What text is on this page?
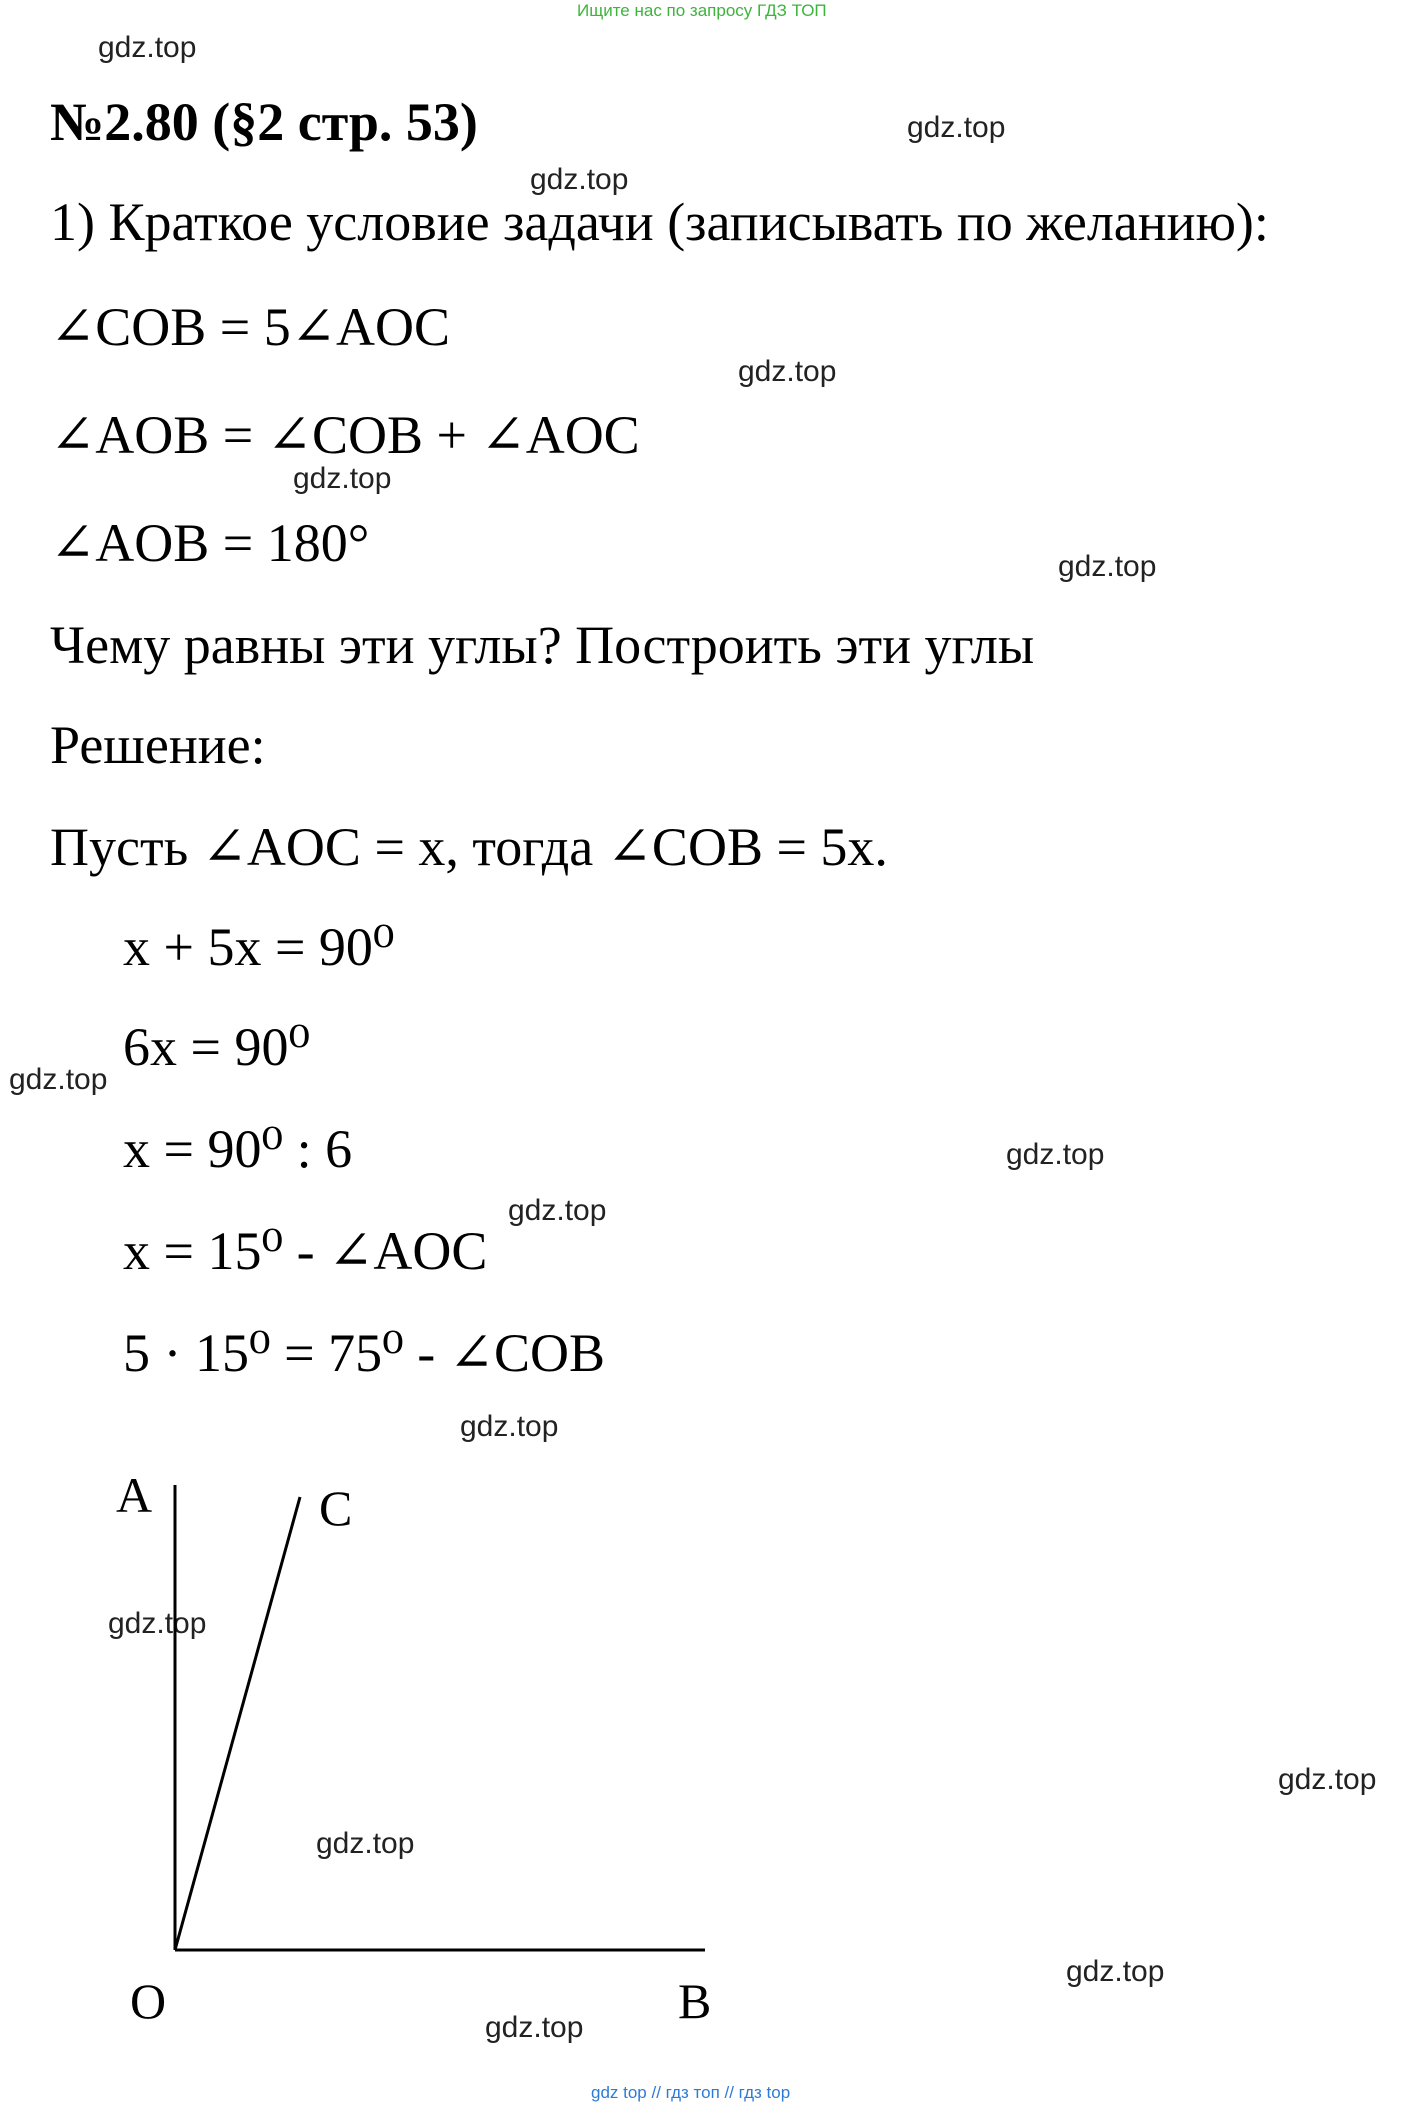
Ищите нас по запросу ГДЗ ТОП
gdz.top
gdz.top
gdz.top
gdz.top
gdz.top
gdz.top
gdz.top
gdz.top
gdz.top
gdz.top
gdz.top
gdz.top
gdz.top
gdz.top
gdz.top
№2.80 (§2 стр. 53)
1) Краткое условие задачи (записывать по желанию):
∠COB = 5∠AOC
∠AOB = ∠COB + ∠AOC
∠AOB = 180°
Чему равны эти углы? Построить эти углы
Решение:
Пусть ∠AOC = x, тогда ∠COB = 5x.
x + 5x = 90⁰
6x = 90⁰
x = 90⁰ : 6
x = 15⁰ - ∠AOC
5 · 15⁰ = 75⁰ - ∠COB
A	C
O	B
gdz top // гдз топ // гдз top
